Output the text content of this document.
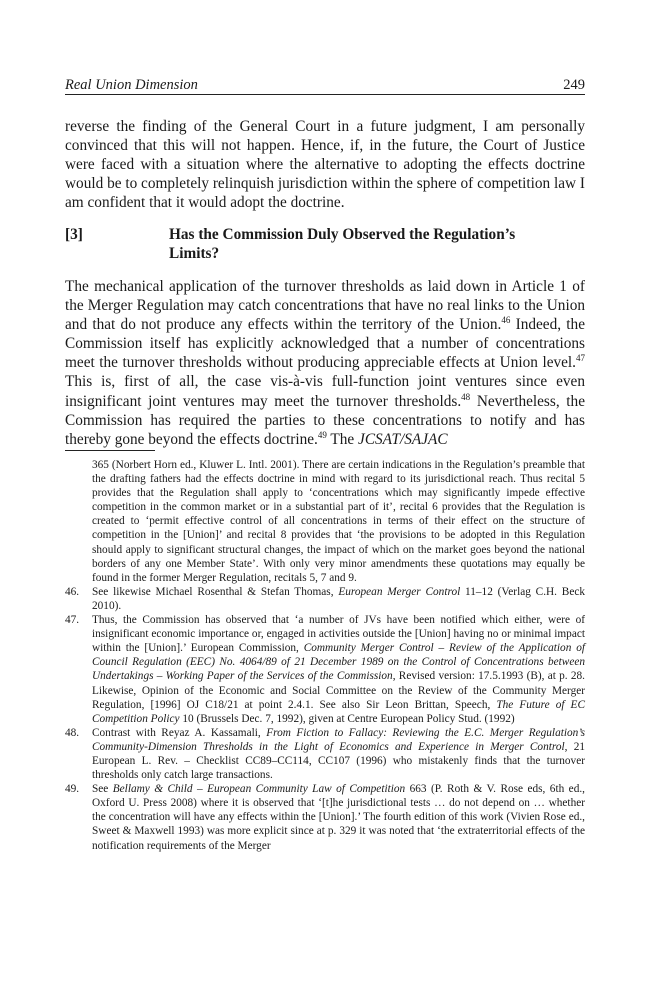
Real Union Dimension	249

reverse the finding of the General Court in a future judgment, I am personally convinced that this will not happen. Hence, if, in the future, the Court of Justice were faced with a situation where the alternative to adopting the effects doctrine would be to completely relinquish jurisdiction within the sphere of competition law I am confident that it would adopt the doctrine.

[3]	Has the Commission Duly Observed the Regulation’s Limits?

The mechanical application of the turnover thresholds as laid down in Article 1 of the Merger Regulation may catch concentrations that have no real links to the Union and that do not produce any effects within the territory of the Union.$^{46}$ Indeed, the Commission itself has explicitly acknowledged that a number of concentrations meet the turnover thresholds without producing appreciable effects at Union level.$^{47}$ This is, first of all, the case vis-à-vis full-function joint ventures since even insignificant joint ventures may meet the turnover thresholds.$^{48}$ Nevertheless, the Commission has required the parties to these concentrations to notify and has thereby gone beyond the effects doctrine.$^{49}$ The JCSAT/SAJAC

365 (Norbert Horn ed., Kluwer L. Intl. 2001). There are certain indications in the Regulation’s preamble that the drafting fathers had the effects doctrine in mind with regard to its jurisdictional reach. Thus recital 5 provides that the Regulation shall apply to ‘concentrations which may significantly impede effective competition in the common market or in a substantial part of it’, recital 6 provides that the Regulation is created to ‘permit effective control of all concentrations in terms of their effect on the structure of competition in the [Union]’ and recital 8 provides that ‘the provisions to be adopted in this Regulation should apply to significant structural changes, the impact of which on the market goes beyond the national borders of any one Member State’. With only very minor amendments these quotations may equally be found in the former Merger Regulation, recitals 5, 7 and 9.
46. See likewise Michael Rosenthal & Stefan Thomas, European Merger Control 11–12 (Verlag C.H. Beck 2010).
47. Thus, the Commission has observed that ‘a number of JVs have been notified which either, were of insignificant economic importance or, engaged in activities outside the [Union] having no or minimal impact within the [Union].’ European Commission, Community Merger Control – Review of the Application of Council Regulation (EEC) No. 4064/89 of 21 December 1989 on the Control of Concentrations between Undertakings – Working Paper of the Services of the Commission, Revised version: 17.5.1993 (B), at p. 28. Likewise, Opinion of the Economic and Social Committee on the Review of the Community Merger Regulation, [1996] OJ C18/21 at point 2.4.1. See also Sir Leon Brittan, Speech, The Future of EC Competition Policy 10 (Brussels Dec. 7, 1992), given at Centre European Policy Stud. (1992)
48. Contrast with Reyaz A. Kassamali, From Fiction to Fallacy: Reviewing the E.C. Merger Regulation’s Community-Dimension Thresholds in the Light of Economics and Experience in Merger Control, 21 European L. Rev. – Checklist CC89–CC114, CC107 (1996) who mistakenly finds that the turnover thresholds only catch large transactions.
49. See Bellamy & Child – European Community Law of Competition 663 (P. Roth & V. Rose eds, 6th ed., Oxford U. Press 2008) where it is observed that ‘[t]he jurisdictional tests … do not depend on … whether the concentration will have any effects within the [Union].’ The fourth edition of this work (Vivien Rose ed., Sweet & Maxwell 1993) was more explicit since at p. 329 it was noted that ‘the extraterritorial effects of the notification requirements of the Merger
